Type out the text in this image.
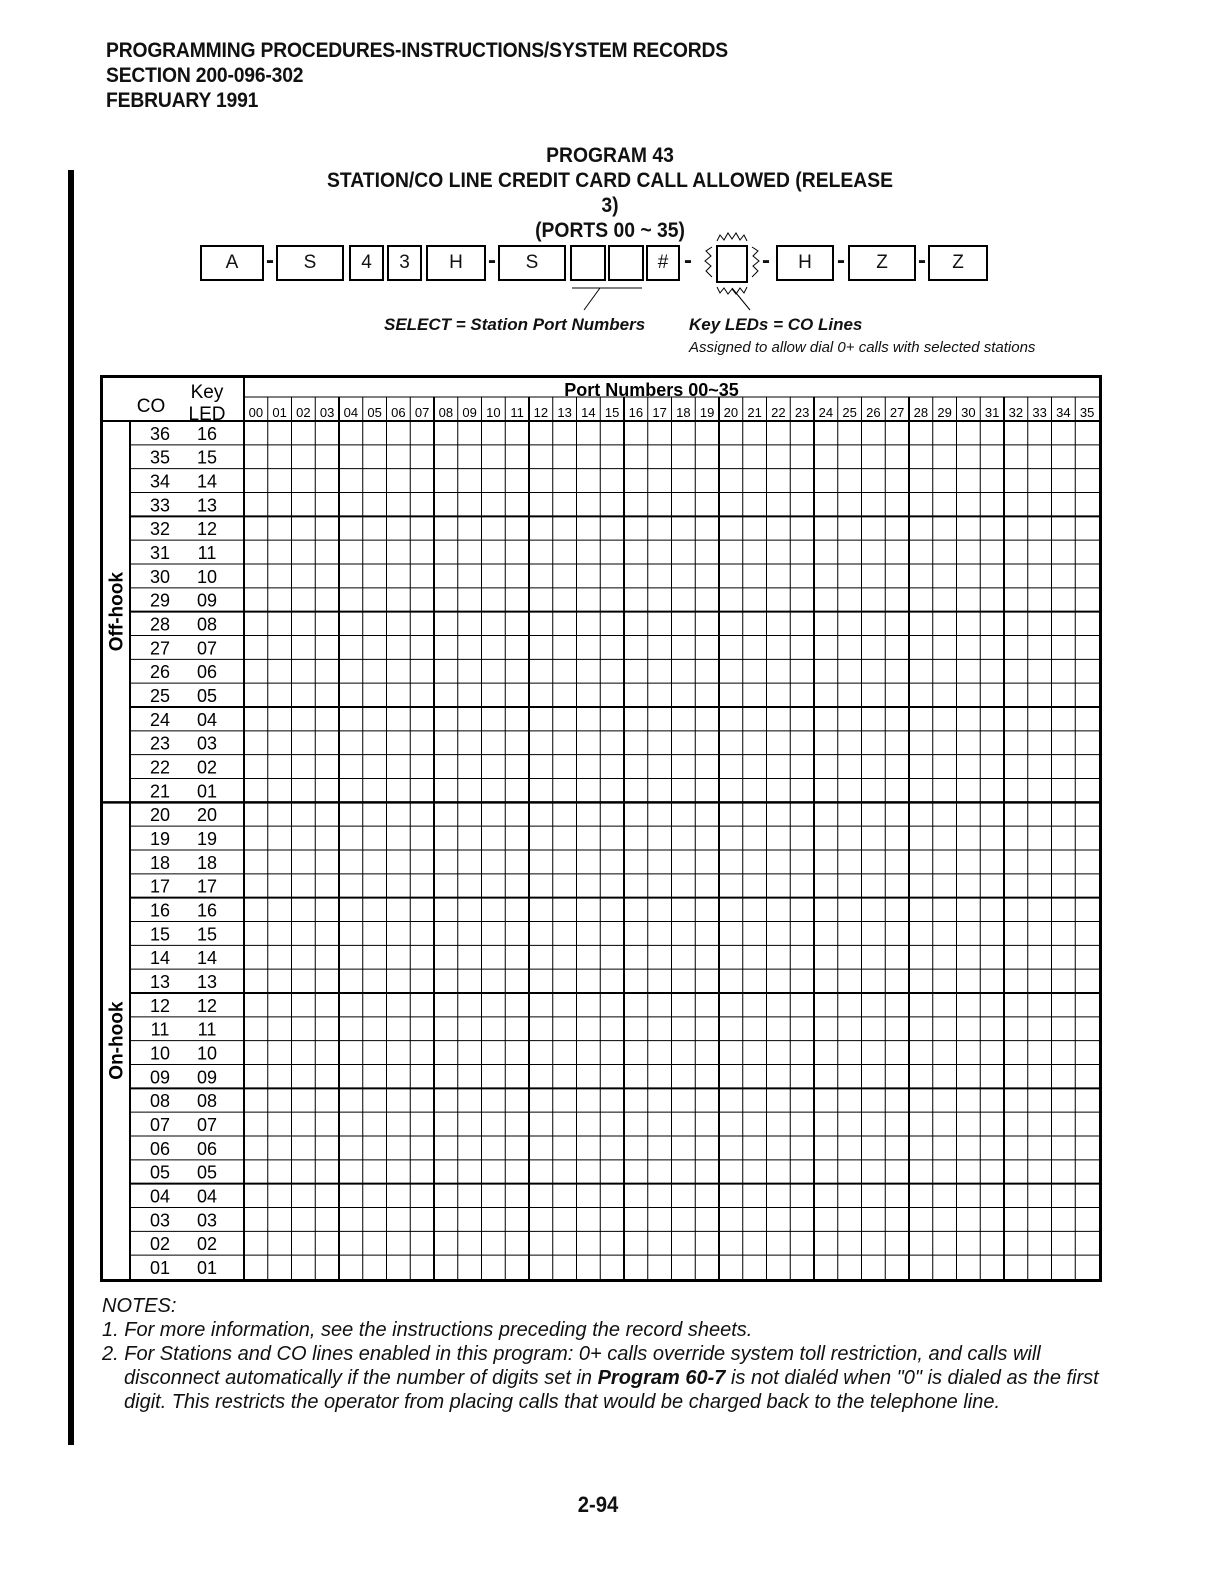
PROGRAMMING PROCEDURES-INSTRUCTIONS/SYSTEM RECORDS
SECTION 200-096-302
FEBRUARY 1991
PROGRAM 43
STATION/CO LINE CREDIT CARD CALL ALLOWED (RELEASE 3)
(PORTS 00 ~ 35)
A	-	S	4	3	H	-	S	# -	-	H	-	Z	-	Z
SELECT = Station Port Numbers	Key LEDs = CO Lines
Assigned to allow dial 0+ calls with selected stations
CO
Key
LED
Port Numbers 00~35
00 01 02 03 04 05 06 07 08 09 10 11 12 13 14 15 16 17 18 19 20 21 22 23 24 25 26 27 28 29 30 31 32 33 34 35
36 16
35 15
34 14
33 13
32 12
31 11
30 10
29 09
28 08
27 07
26 06
25 05
24 04
23 03
22 02
21 01
20 20
19 19
18 18
17 17
16 16
15 15
14 14
13 13
12 12
11 11
10 10
09 09
08 08
07 07
06 06
05 05
04 04
03 03
02 02
01 01
Off-hook
On-hook
NOTES:
1. For more information, see the instructions preceding the record sheets.
2. For Stations and CO lines enabled in this program: 0+ calls override system toll restriction, and calls will disconnect automatically if the number of digits set in Program 60-7 is not dialéd when "0" is dialed as the first digit. This restricts the operator from placing calls that would be charged back to the telephone line.
2-94
